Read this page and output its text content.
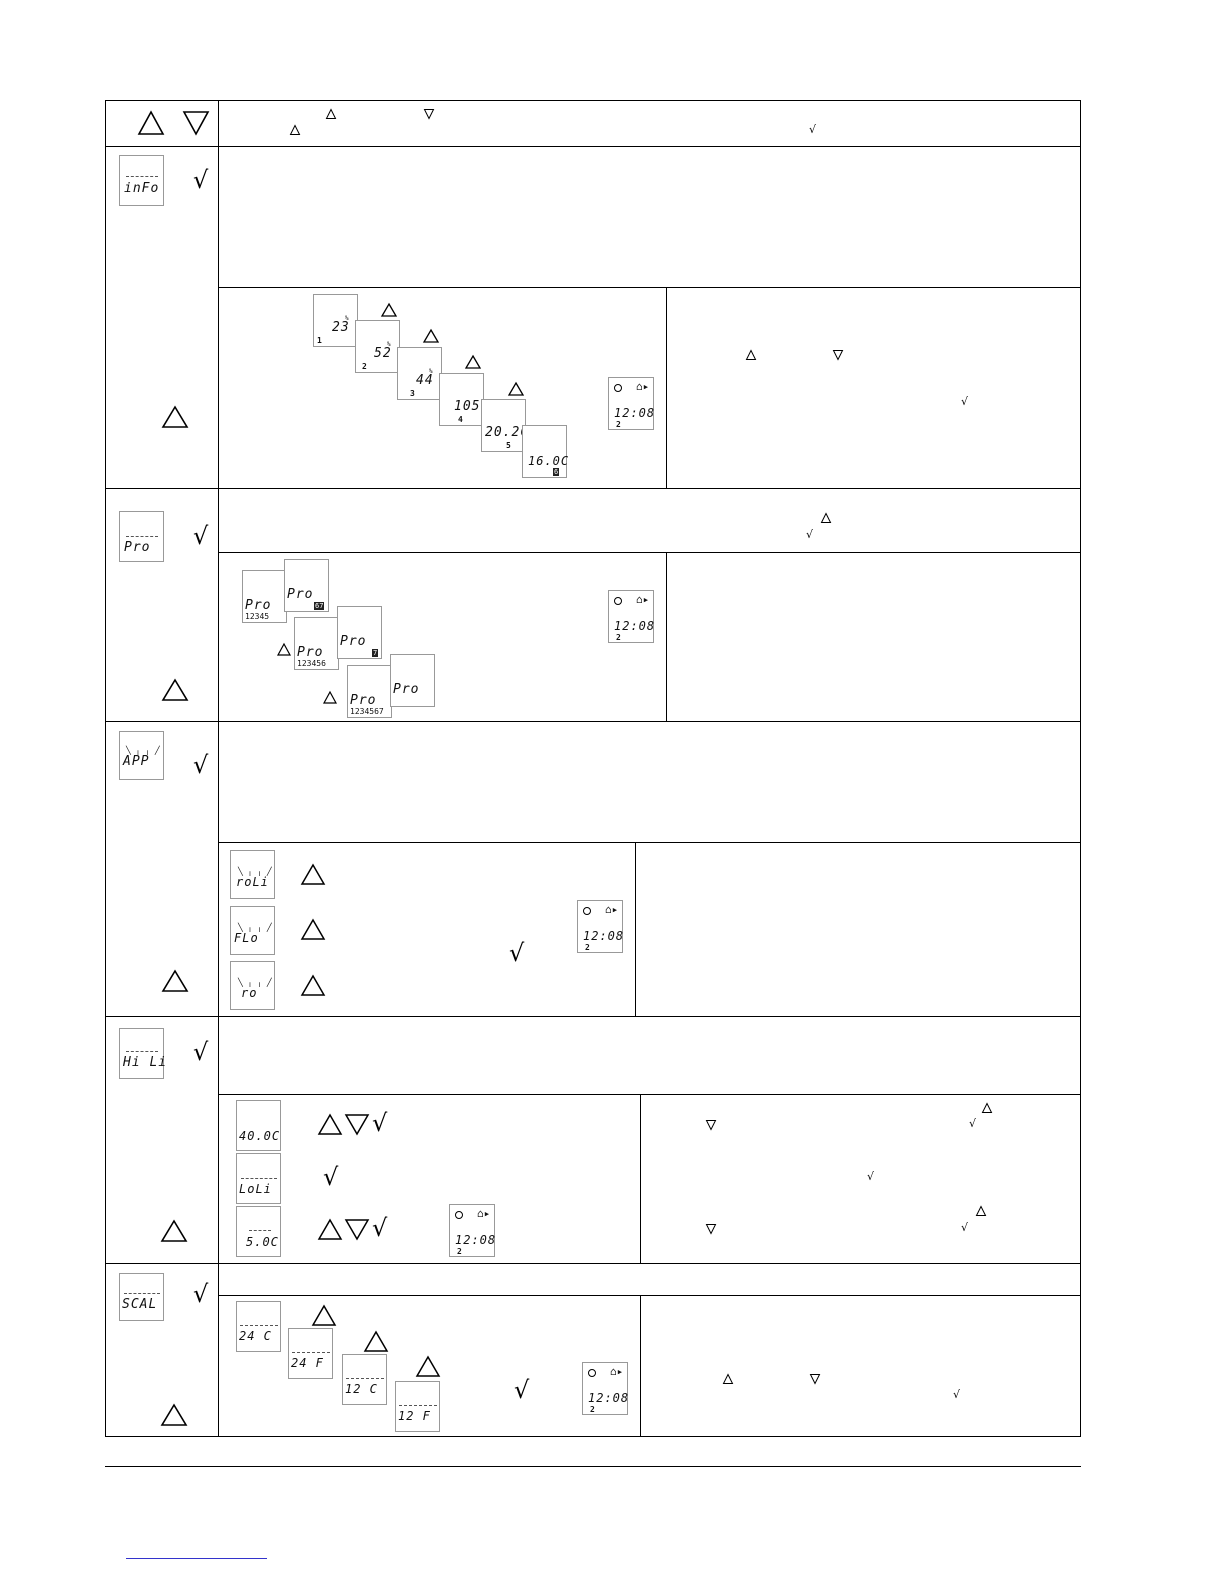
√
inFo √
%
23
1	%
52
2
%
44
3
105
4
20.2
5
16.0C
6
⌂▸
12:08
2
√
Pro √	√
Pro
12345
Pro
67
Pro
123456
Pro
7
Pro
1234567
Pro
⌂▸
12:08
2
╲ ╷ ╷ ╱
APP √
╲ ╷ ╷ ╱
roLi
╲ ╷ ╷ ╱
FLo
√
╲ ╷ ╷ ╱
ro
⌂▸
12:08
2
Hi Li √
40.0C	√
LoLi √
5.0C	√
⌂▸
12:08
2
√
√
√
SCAL √
24 C
24 F
12 C
12 F
√
⌂▸
12:08
2
√
